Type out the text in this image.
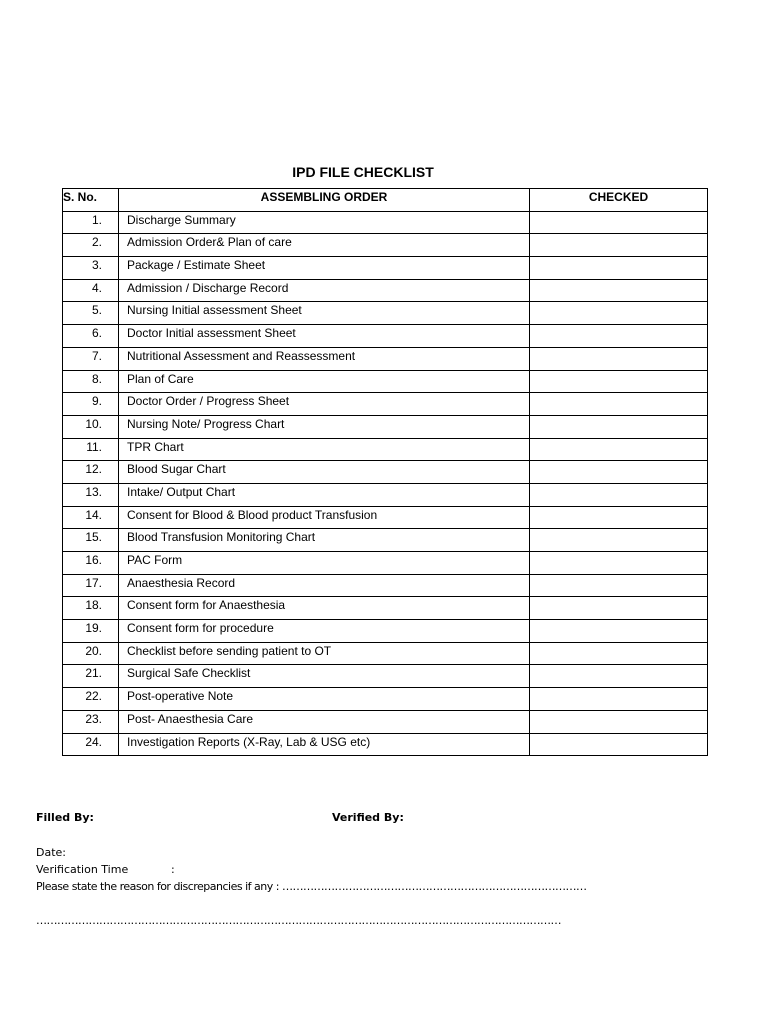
IPD FILE CHECKLIST
S. No.	ASSEMBLING ORDER	CHECKED
1.	Discharge Summary	
2.	Admission Order& Plan of care	
3.	Package / Estimate Sheet	
4.	Admission / Discharge Record	
5.	Nursing Initial assessment Sheet	
6.	Doctor Initial assessment Sheet	
7.	Nutritional Assessment and Reassessment	
8.	Plan of Care	
9.	Doctor Order / Progress Sheet	
10.	Nursing Note/ Progress Chart	
11.	TPR Chart	
12.	Blood Sugar Chart	
13.	Intake/ Output Chart	
14.	Consent for Blood & Blood product Transfusion	
15.	Blood Transfusion Monitoring Chart	
16.	PAC Form	
17.	Anaesthesia Record	
18.	Consent form for Anaesthesia	
19.	Consent form for procedure	
20.	Checklist before sending patient to OT	
21.	Surgical Safe Checklist	
22.	Post-operative Note	
23.	Post- Anaesthesia Care	
24.	Investigation Reports (X-Ray, Lab & USG etc)	
Filled By:	Verified By:
Date:
Verification Time	:
Please state the reason for discrepancies if any : ……………………………………………………………………………
……………………………………………………………………………………………………………………………………
